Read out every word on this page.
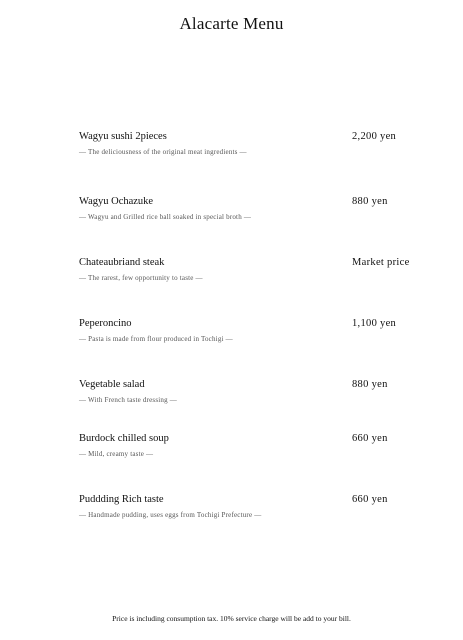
Alacarte Menu
Wagyu sushi 2pieces	2,200 yen
— The deliciousness of the original meat ingredients —
Wagyu Ochazuke	880 yen
— Wagyu and Grilled rice ball soaked in special broth —
Chateaubriand steak	Market price
— The rarest, few opportunity to taste —
Peperoncino	1,100 yen
— Pasta is made from flour produced in Tochigi —
Vegetable salad	880 yen
— With French taste dressing —
Burdock chilled soup	660 yen
— Mild, creamy taste —
Puddding Rich taste	660 yen
— Handmade pudding, uses eggs from Tochigi Prefecture —
Price is including consumption tax. 10% service charge will be add to your bill.
